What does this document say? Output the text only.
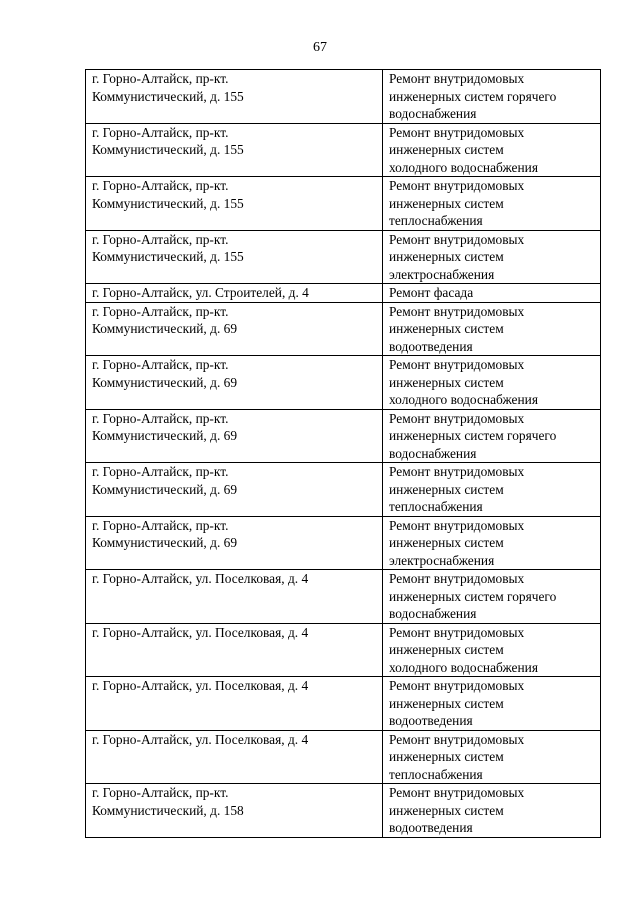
67
г. Горно-Алтайск, пр-кт.
Коммунистический, д. 155	Ремонт внутридомовых
инженерных систем горячего
водоснабжения
г. Горно-Алтайск, пр-кт.
Коммунистический, д. 155	Ремонт внутридомовых
инженерных систем
холодного водоснабжения
г. Горно-Алтайск, пр-кт.
Коммунистический, д. 155	Ремонт внутридомовых
инженерных систем
теплоснабжения
г. Горно-Алтайск, пр-кт.
Коммунистический, д. 155	Ремонт внутридомовых
инженерных систем
электроснабжения
г. Горно-Алтайск, ул. Строителей, д. 4	Ремонт фасада
г. Горно-Алтайск, пр-кт.
Коммунистический, д. 69	Ремонт внутридомовых
инженерных систем
водоотведения
г. Горно-Алтайск, пр-кт.
Коммунистический, д. 69	Ремонт внутридомовых
инженерных систем
холодного водоснабжения
г. Горно-Алтайск, пр-кт.
Коммунистический, д. 69	Ремонт внутридомовых
инженерных систем горячего
водоснабжения
г. Горно-Алтайск, пр-кт.
Коммунистический, д. 69	Ремонт внутридомовых
инженерных систем
теплоснабжения
г. Горно-Алтайск, пр-кт.
Коммунистический, д. 69	Ремонт внутридомовых
инженерных систем
электроснабжения
г. Горно-Алтайск, ул. Поселковая, д. 4	Ремонт внутридомовых
инженерных систем горячего
водоснабжения
г. Горно-Алтайск, ул. Поселковая, д. 4	Ремонт внутридомовых
инженерных систем
холодного водоснабжения
г. Горно-Алтайск, ул. Поселковая, д. 4	Ремонт внутридомовых
инженерных систем
водоотведения
г. Горно-Алтайск, ул. Поселковая, д. 4	Ремонт внутридомовых
инженерных систем
теплоснабжения
г. Горно-Алтайск, пр-кт.
Коммунистический, д. 158	Ремонт внутридомовых
инженерных систем
водоотведения
